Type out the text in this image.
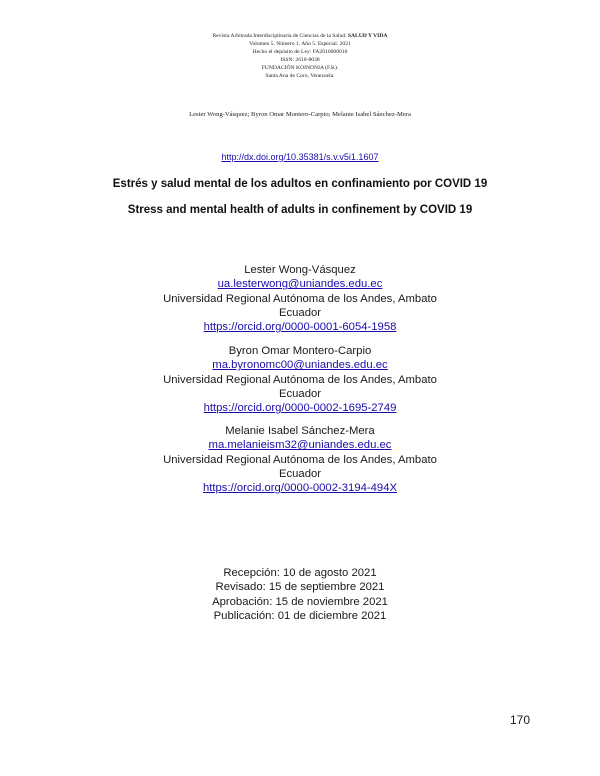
Revista Arbitrada Interdisciplinaria de Ciencias de la Salud. SALUD Y VIDA
Volumen 5. Número 1. Año 5. Especial. 2021
Hecho el depósito de Ley: FA2016000010
ISSN: 2610-8038
FUNDACIÓN KOINONIA (F.K).
Santa Ana de Coro, Venezuela.
Lester Wong-Vásquez; Byron Omar Montero-Carpio; Melanie Isabel Sánchez-Mera
http://dx.doi.org/10.35381/s.v.v5i1.1607
Estrés y salud mental de los adultos en confinamiento por COVID 19
Stress and mental health of adults in confinement by COVID 19
Lester Wong-Vásquez
ua.lesterwong@uniandes.edu.ec
Universidad Regional Autónoma de los Andes, Ambato
Ecuador
https://orcid.org/0000-0001-6054-1958
Byron Omar Montero-Carpio
ma.byronomc00@uniandes.edu.ec
Universidad Regional Autónoma de los Andes, Ambato
Ecuador
https://orcid.org/0000-0002-1695-2749
Melanie Isabel Sánchez-Mera
ma.melanieism32@uniandes.edu.ec
Universidad Regional Autónoma de los Andes, Ambato
Ecuador
https://orcid.org/0000-0002-3194-494X
Recepción: 10 de agosto 2021
Revisado: 15 de septiembre 2021
Aprobación: 15 de noviembre 2021
Publicación: 01 de diciembre 2021
170
